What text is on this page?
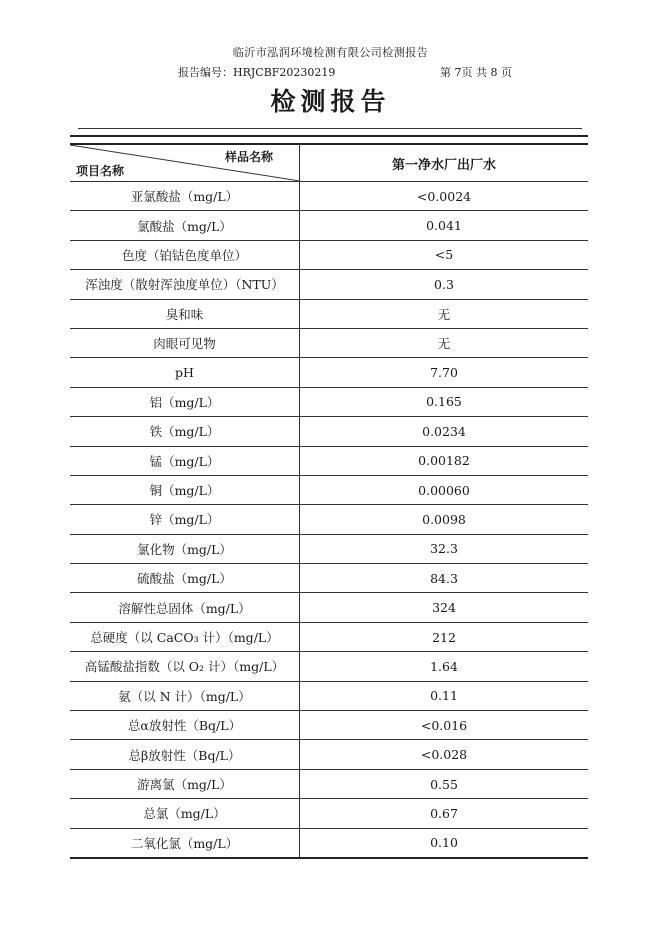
临沂市泓润环境检测有限公司检测报告
报告编号：HRJCBF20230219	第 7页 共 8 页
检测报告
样品名称
项目名称	第一净水厂出厂水
亚氯酸盐（mg/L）	<0.0024
氯酸盐（mg/L）	0.041
色度（铂钴色度单位）	<5
浑浊度（散射浑浊度单位）（NTU）	0.3
臭和味	无
肉眼可见物	无
pH	7.70
铝（mg/L）	0.165
铁（mg/L）	0.0234
锰（mg/L）	0.00182
铜（mg/L）	0.00060
锌（mg/L）	0.0098
氯化物（mg/L）	32.3
硫酸盐（mg/L）	84.3
溶解性总固体（mg/L）	324
总硬度（以 CaCO₃ 计）（mg/L）	212
高锰酸盐指数（以 O₂ 计）（mg/L）	1.64
氨（以 N 计）（mg/L）	0.11
总α放射性（Bq/L）	<0.016
总β放射性（Bq/L）	<0.028
游离氯（mg/L）	0.55
总氯（mg/L）	0.67
二氧化氯（mg/L）	0.10
